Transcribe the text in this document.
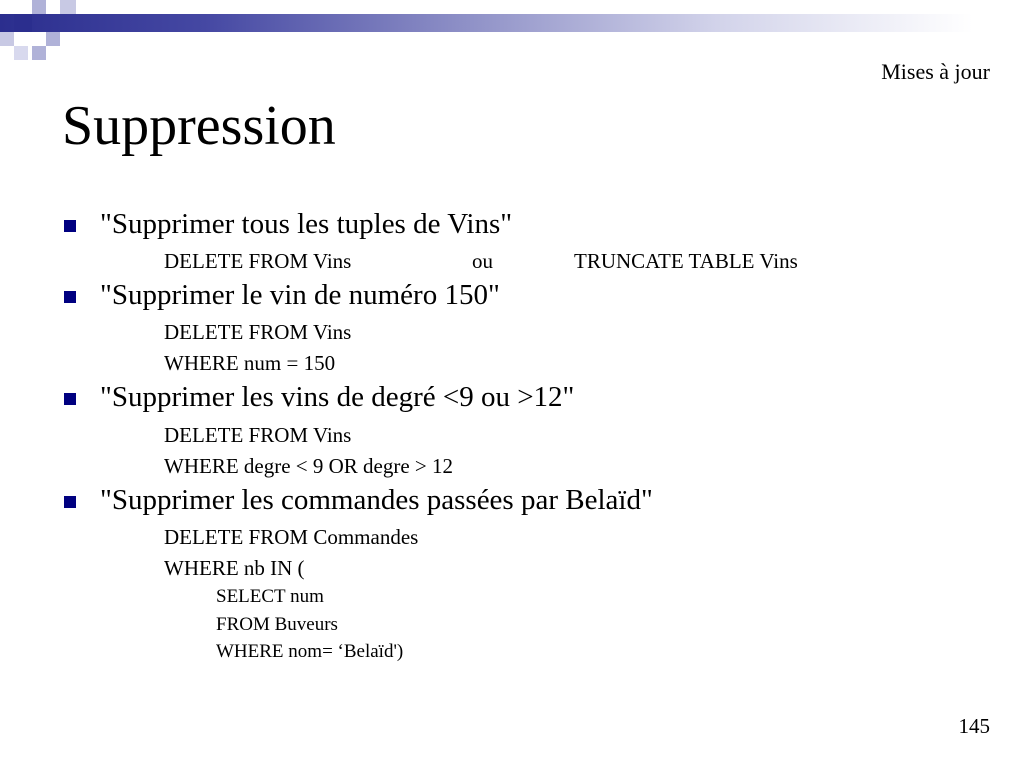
Mises à jour
Suppression
"Supprimer tous les tuples de Vins"
DELETE FROM Vins	ou	TRUNCATE TABLE Vins
"Supprimer le vin de numéro 150"
DELETE FROM Vins
WHERE num = 150
"Supprimer les vins de degré <9 ou >12"
DELETE FROM Vins
WHERE degre < 9 OR degre > 12
"Supprimer les commandes passées par Belaïd"
DELETE FROM Commandes
WHERE nb IN (
SELECT num
FROM Buveurs
WHERE nom= ‘Belaïd')
145
